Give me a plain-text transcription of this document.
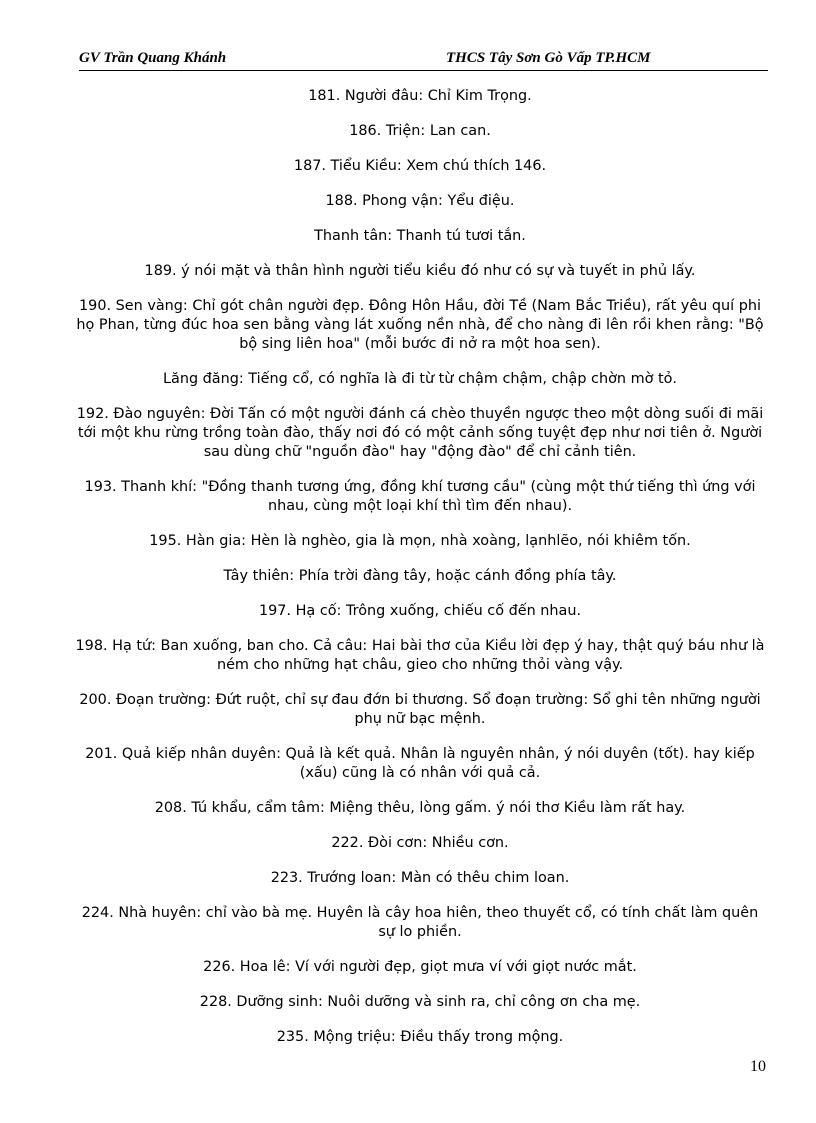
GV Trần Quang Khánh	THCS Tây Sơn Gò Vấp TP.HCM

181. Người đâu: Chỉ Kim Trọng.

186. Triện: Lan can.

187. Tiểu Kiều: Xem chú thích 146.

188. Phong vận: Yểu điệu.

Thanh tân: Thanh tú tươi tắn.

189. ý nói mặt và thân hình người tiểu kiều đó như có sự và tuyết in phủ lấy.

190. Sen vàng: Chỉ gót chân người đẹp. Đông Hôn Hầu, đời Tề (Nam Bắc Triều), rất yêu quí phi họ Phan, từng đúc hoa sen bằng vàng lát xuống nền nhà, để cho nàng đi lên rồi khen rằng: "Bộ bộ sing liên hoa" (mỗi bước đi nở ra một hoa sen).

Lăng đăng: Tiếng cổ, có nghĩa là đi từ từ chậm chậm, chập chờn mờ tỏ.

192. Đào nguyên: Đời Tấn có một người đánh cá chèo thuyền ngược theo một dòng suối đi mãi tới một khu rừng trồng toàn đào, thấy nơi đó có một cảnh sống tuyệt đẹp như nơi tiên ở. Người sau dùng chữ "nguồn đào" hay "động đào" để chỉ cảnh tiên.

193. Thanh khí: "Đồng thanh tương ứng, đồng khí tương cầu" (cùng một thứ tiếng thì ứng với nhau, cùng một loại khí thì tìm đến nhau).

195. Hàn gia: Hèn là nghèo, gia là mọn, nhà xoàng, lạnhlẽo, nói khiêm tốn.

Tây thiên: Phía trời đàng tây, hoặc cánh đồng phía tây.

197. Hạ cố: Trông xuống, chiếu cố đến nhau.

198. Hạ tứ: Ban xuống, ban cho. Cả câu: Hai bài thơ của Kiều lời đẹp ý hay, thật quý báu như là ném cho những hạt châu, gieo cho những thỏi vàng vậy.

200. Đoạn trường: Đứt ruột, chỉ sự đau đớn bi thương. Sổ đoạn trường: Sổ ghi tên những người phụ nữ bạc mệnh.

201. Quả kiếp nhân duyên: Quả là kết quả. Nhân là nguyên nhân, ý nói duyên (tốt). hay kiếp (xấu) cũng là có nhân với quả cả.

208. Tú khẩu, cẩm tâm: Miệng thêu, lòng gấm. ý nói thơ Kiều làm rất hay.

222. Đòi cơn: Nhiều cơn.

223. Trướng loan: Màn có thêu chim loan.

224. Nhà huyên: chỉ vào bà mẹ. Huyên là cây hoa hiên, theo thuyết cổ, có tính chất làm quên sự lo phiền.

226. Hoa lê: Ví với người đẹp, giọt mưa ví với giọt nước mắt.

228. Dưỡng sinh: Nuôi dưỡng và sinh ra, chỉ công ơn cha mẹ.

235. Mộng triệu: Điều thấy trong mộng.

10
